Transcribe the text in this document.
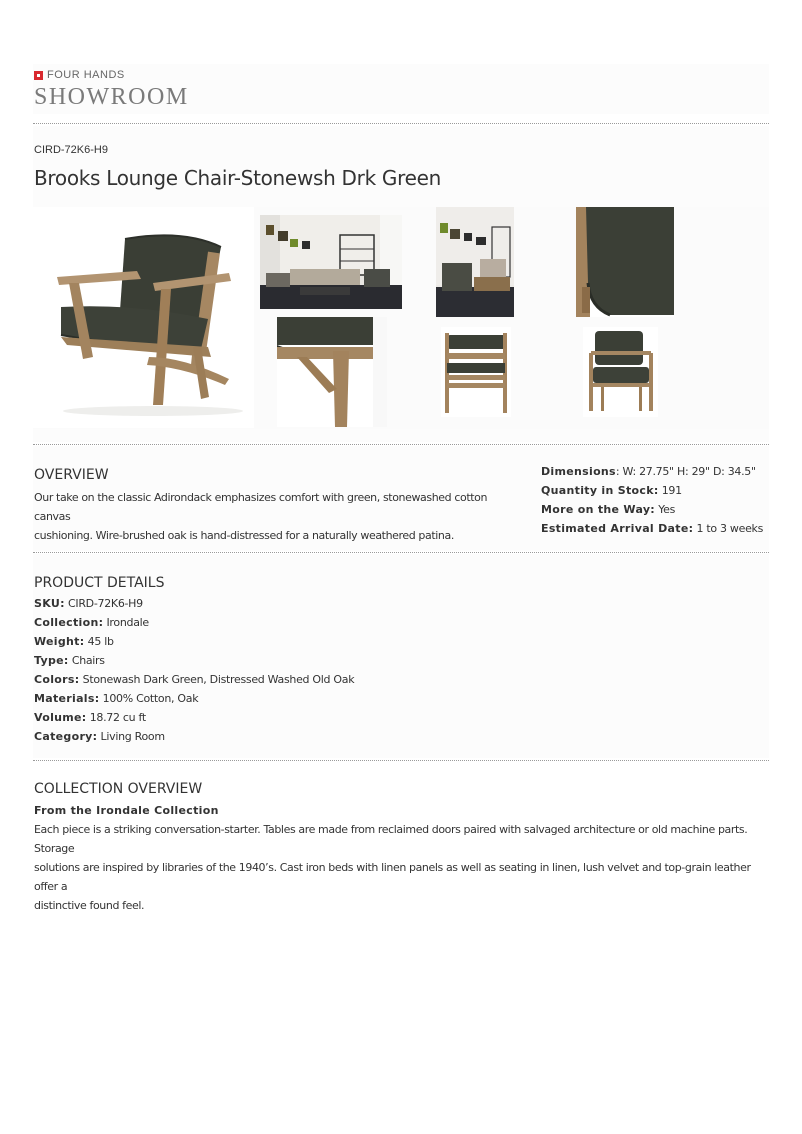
FOUR HANDS
SHOWROOM
CIRD-72K6-H9
Brooks Lounge Chair-Stonewsh Drk Green
OVERVIEW
Our take on the classic Adirondack emphasizes comfort with green, stonewashed cotton canvas
cushioning. Wire-brushed oak is hand-distressed for a naturally weathered patina.
Dimensions: W: 27.75" H: 29" D: 34.5"
Quantity in Stock: 191
More on the Way: Yes
Estimated Arrival Date: 1 to 3 weeks
PRODUCT DETAILS
SKU: CIRD-72K6-H9
Collection: Irondale
Weight: 45 lb
Type: Chairs
Colors: Stonewash Dark Green, Distressed Washed Old Oak
Materials: 100% Cotton, Oak
Volume: 18.72 cu ft
Category: Living Room
COLLECTION OVERVIEW
From the Irondale Collection
Each piece is a striking conversation-starter. Tables are made from reclaimed doors paired with salvaged architecture or old machine parts. Storage
solutions are inspired by libraries of the 1940’s. Cast iron beds with linen panels as well as seating in linen, lush velvet and top-grain leather offer a
distinctive found feel.
